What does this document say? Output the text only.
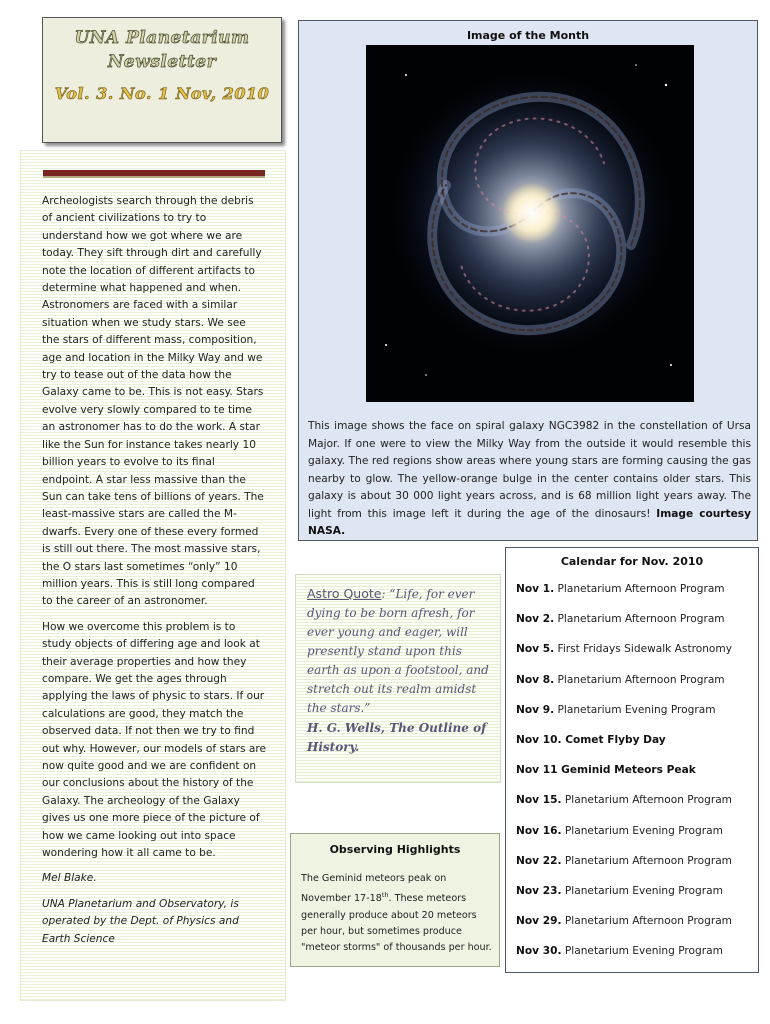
UNA Planetarium
Newsletter
Vol. 3. No. 1 Nov, 2010

Archeologists search through the debris of ancient civilizations to try to understand how we got where we are today. They sift through dirt and carefully note the location of different artifacts to determine what happened and when. Astronomers are faced with a similar situation when we study stars. We see the stars of different mass, composition, age and location in the Milky Way and we try to tease out of the data how the Galaxy came to be. This is not easy. Stars evolve very slowly compared to te time an astronomer has to do the work. A star like the Sun for instance takes nearly 10 billion years to evolve to its final endpoint. A star less massive than the Sun can take tens of billions of years. The least-massive stars are called the M-dwarfs. Every one of these every formed is still out there. The most massive stars, the O stars last sometimes “only” 10 million years. This is still long compared to the career of an astronomer.

How we overcome this problem is to study objects of differing age and look at their average properties and how they compare. We get the ages through applying the laws of physic to stars. If our calculations are good, they match the observed data. If not then we try to find out why. However, our models of stars are now quite good and we are confident on our conclusions about the history of the Galaxy. The archeology of the Galaxy gives us one more piece of the picture of how we came looking out into space wondering how it all came to be.

Mel Blake.

UNA Planetarium and Observatory, is operated by the Dept. of Physics and Earth Science

Image of the Month
This image shows the face on spiral galaxy NGC3982 in the constellation of Ursa Major. If one were to view the Milky Way from the outside it would resemble this galaxy. The red regions show areas where young stars are forming causing the gas nearby to glow. The yellow-orange bulge in the center contains older stars. This galaxy is about 30 000 light years across, and is 68 million light years away. The light from this image left it during the age of the dinosaurs! Image courtesy NASA.
Astro Quote: “Life, for ever dying to be born afresh, for ever young and eager, will presently stand upon this earth as upon a footstool, and stretch out its realm amidst the stars.”
H. G. Wells, The Outline of History.
Observing Highlights
The Geminid meteors peak on November 17-18th. These meteors generally produce about 20 meteors per hour, but sometimes produce "meteor storms" of thousands per hour.
Calendar for Nov. 2010
Nov 1. Planetarium Afternoon Program
Nov 2. Planetarium Afternoon Program
Nov 5. First Fridays Sidewalk Astronomy
Nov 8. Planetarium Afternoon Program
Nov 9. Planetarium Evening Program
Nov 10. Comet Flyby Day
Nov 11 Geminid Meteors Peak
Nov 15. Planetarium Afternoon Program
Nov 16. Planetarium Evening Program
Nov 22. Planetarium Afternoon Program
Nov 23. Planetarium Evening Program
Nov 29. Planetarium Afternoon Program
Nov 30. Planetarium Evening Program
